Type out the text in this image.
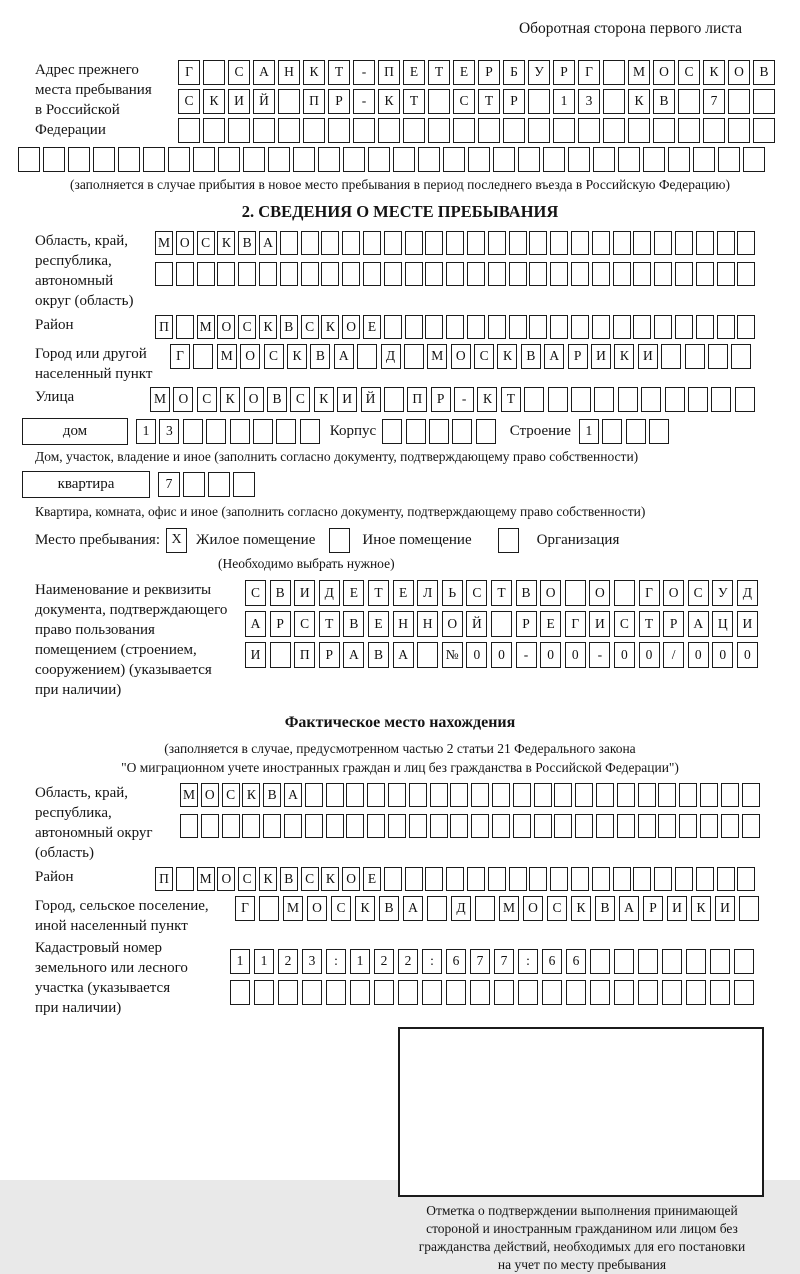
Оборотная сторона первого листа
Адрес прежнего
места пребывания
в Российской
Федерации
Г	С	А	Н	К	Т	-	П	Е	Т	Е	Р	Б	У	Р	Г	М	О	С	К	О	В
С	К	И	Й	П	Р	-	К	Т	С	Т	Р	1	3	К	В	7
(заполняется в случае прибытия в новое место пребывания в период последнего въезда в Российскую Федерацию)
2. СВЕДЕНИЯ О МЕСТЕ ПРЕБЫВАНИЯ
Область, край,
республика,
автономный
округ (область)
М О С К В А
Район	П	М О С К В С К О Е
Город или другой
населенный пункт
Г	М О	С	К	В	А	Д	М О	С	К	В	А	Р	И	К	И
Улица	М О	С	К	О	В	С	К	И	Й	П	Р	-	К	Т
дом	1	3	Корпус	Строение	1
Дом, участок, владение и иное (заполнить согласно документу, подтверждающему право собственности)
квартира	7
Квартира, комната, офис и иное (заполнить согласно документу, подтверждающему право собственности)
Место пребывания: X Жилое помещение	Иное помещение	Организация
(Необходимо выбрать нужное)
Наименование и реквизиты
документа, подтверждающего
право пользования
помещением (строением,
сооружением) (указывается
при наличии)
С	В	И	Д	Е	Т	Е	Л	Ь	С	Т	В	О	О	Г	О	С	У	Д
А	Р	С	Т	В	Е	Н	Н	О	Й	Р	Е	Г	И	С	Т	Р	А	Ц	И
И	П	Р	А	В	А	№	0	0	-	0	0	-	0	0	/	0	0	0
Фактическое место нахождения
(заполняется в случае, предусмотренном частью 2 статьи 21 Федерального закона
"О миграционном учете иностранных граждан и лиц без гражданства в Российской Федерации")
Область, край,
республика,
автономный округ
(область)
М О С К В А
Район	П	М О С К В С К О Е
Город, сельское поселение,
иной населенный пункт
Г	М О	С	К	В	А	Д	М О	С	К	В	А	Р	И	К	И
Кадастровый номер
земельного или лесного
участка (указывается
при наличии)
1	1	2	3	:	1	2	2	:	6	7	7	:	6	6
Отметка о подтверждении выполнения принимающей
стороной и иностранным гражданином или лицом без
гражданства действий, необходимых для его постановки
на учет по месту пребывания
